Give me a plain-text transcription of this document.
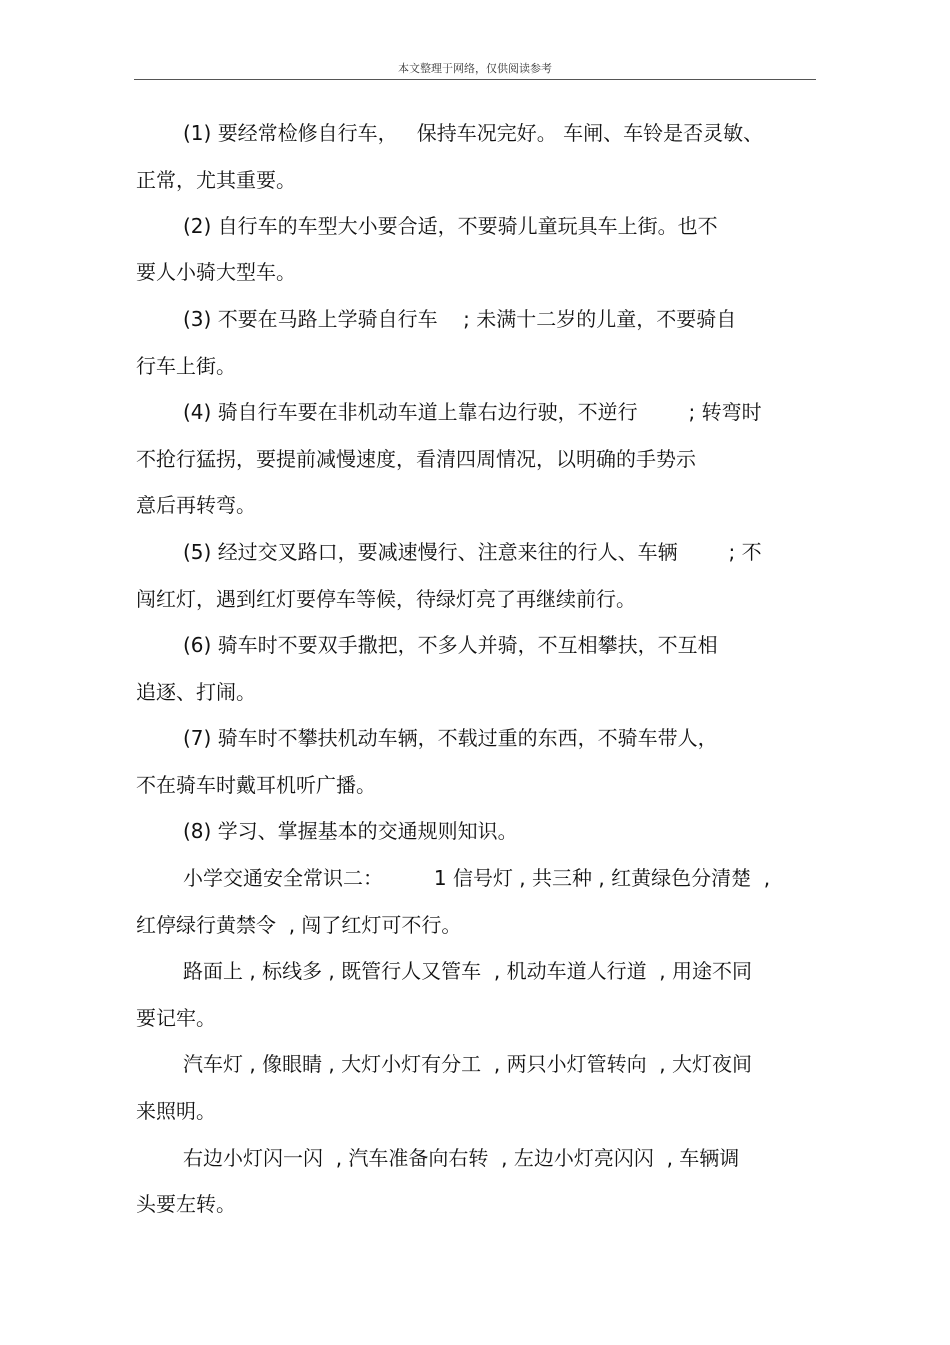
本文整理于网络，仅供阅读参考
(1) 要经常检修自行车，   保持车况完好。 车闸、车铃是否灵敏、
正常，尤其重要。
(2) 自行车的车型大小要合适，不要骑儿童玩具车上街。也不
要人小骑大型车。
(3) 不要在马路上学骑自行车    ; 未满十二岁的儿童，不要骑自
行车上街。
(4) 骑自行车要在非机动车道上靠右边行驶，不逆行        ; 转弯时
不抢行猛拐，要提前减慢速度，看清四周情况，以明确的手势示
意后再转弯。
(5) 经过交叉路口，要减速慢行、注意来往的行人、车辆        ; 不
闯红灯，遇到红灯要停车等候，待绿灯亮了再继续前行。
(6) 骑车时不要双手撒把，不多人并骑，不互相攀扶，不互相
追逐、打闹。
(7) 骑车时不攀扶机动车辆，不载过重的东西，不骑车带人，
不在骑车时戴耳机听广播。
(8) 学习、掌握基本的交通规则知识。
小学交通安全常识二：        1 信号灯 , 共三种 , 红黄绿色分清楚  ,
红停绿行黄禁令  , 闯了红灯可不行。
路面上 , 标线多 , 既管行人又管车  , 机动车道人行道  , 用途不同
要记牢。
汽车灯 , 像眼睛 , 大灯小灯有分工  , 两只小灯管转向  , 大灯夜间
来照明。
右边小灯闪一闪  , 汽车准备向右转  , 左边小灯亮闪闪  , 车辆调
头要左转。
